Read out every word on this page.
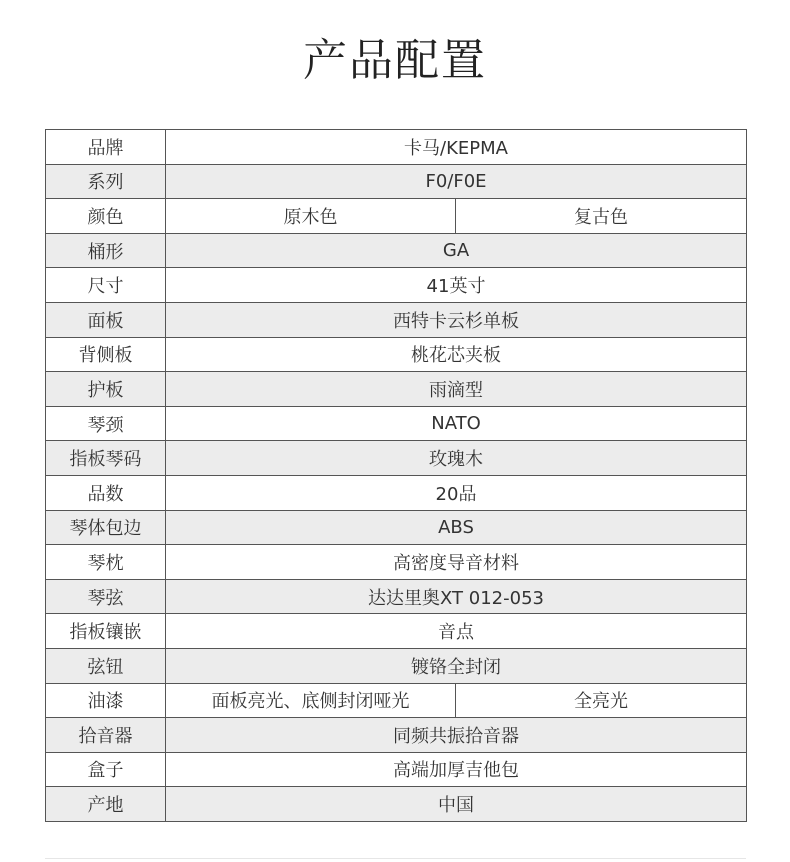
产品配置
品牌	卡马/KEPMA	
系列	F0/F0E	
颜色	原木色	复古色
桶形	GA	
尺寸	41英寸	
面板	西特卡云杉单板	
背侧板	桃花芯夹板	
护板	雨滴型	
琴颈	NATO	
指板琴码	玫瑰木	
品数	20品	
琴体包边	ABS	
琴枕	高密度导音材料	
琴弦	达达里奥XT 012-053	
指板镶嵌	音点	
弦钮	镀铬全封闭	
油漆	面板亮光、底侧封闭哑光	全亮光
拾音器	同频共振拾音器	
盒子	高端加厚吉他包	
产地	中国	
